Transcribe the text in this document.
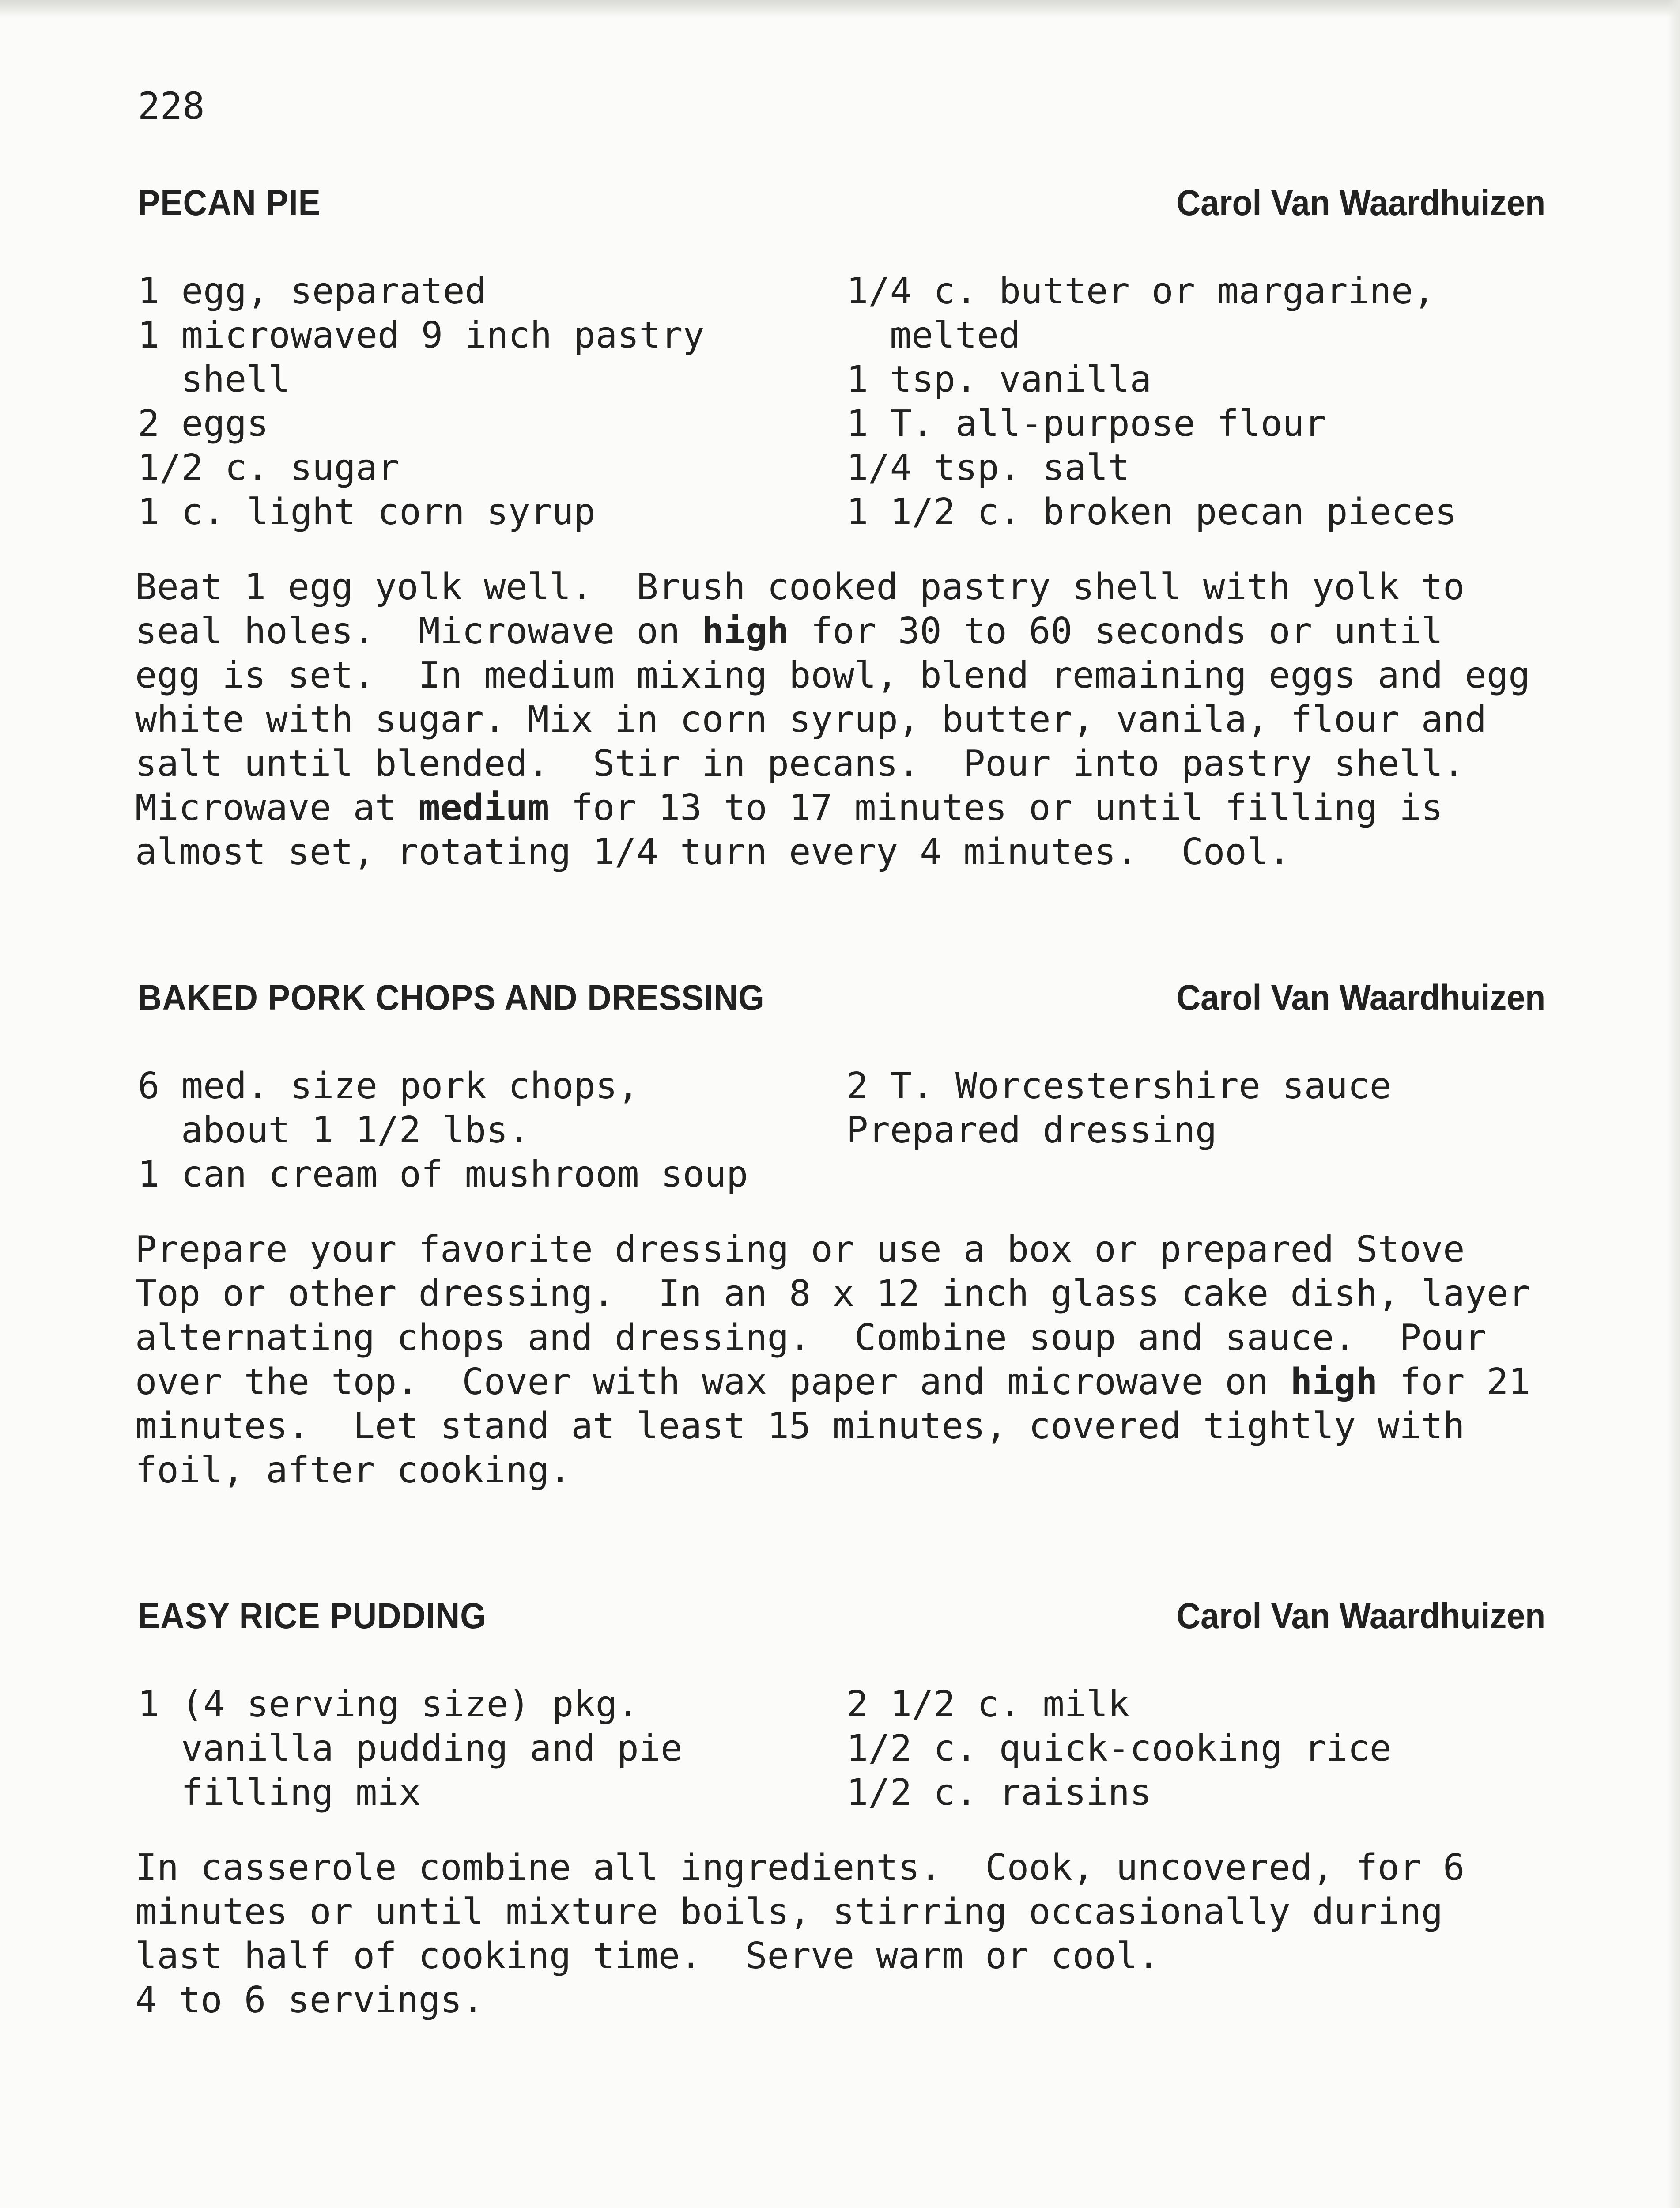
228
PECAN PIE	Carol Van Waardhuizen
1 egg, separated
1 microwaved 9 inch pastry
shell
2 eggs
1/2 c. sugar
1 c. light corn syrup
1/4 c. butter or margarine,
melted
1 tsp. vanilla
1 T. all-purpose flour
1/4 tsp. salt
1 1/2 c. broken pecan pieces
Beat 1 egg yolk well.  Brush cooked pastry shell with yolk to
seal holes.  Microwave on high for 30 to 60 seconds or until
egg is set.  In medium mixing bowl, blend remaining eggs and egg
white with sugar. Mix in corn syrup, butter, vanila, flour and
salt until blended.  Stir in pecans.  Pour into pastry shell.
Microwave at medium for 13 to 17 minutes or until filling is
almost set, rotating 1/4 turn every 4 minutes.  Cool.
BAKED PORK CHOPS AND DRESSING	Carol Van Waardhuizen
6 med. size pork chops,
about 1 1/2 lbs.
1 can cream of mushroom soup
2 T. Worcestershire sauce
Prepared dressing
Prepare your favorite dressing or use a box or prepared Stove
Top or other dressing.  In an 8 x 12 inch glass cake dish, layer
alternating chops and dressing.  Combine soup and sauce.  Pour
over the top.  Cover with wax paper and microwave on high for 21
minutes.  Let stand at least 15 minutes, covered tightly with
foil, after cooking.
EASY RICE PUDDING	Carol Van Waardhuizen
1 (4 serving size) pkg.
vanilla pudding and pie
filling mix
2 1/2 c. milk
1/2 c. quick-cooking rice
1/2 c. raisins
In casserole combine all ingredients.  Cook, uncovered, for 6
minutes or until mixture boils, stirring occasionally during
last half of cooking time.  Serve warm or cool.
4 to 6 servings.
